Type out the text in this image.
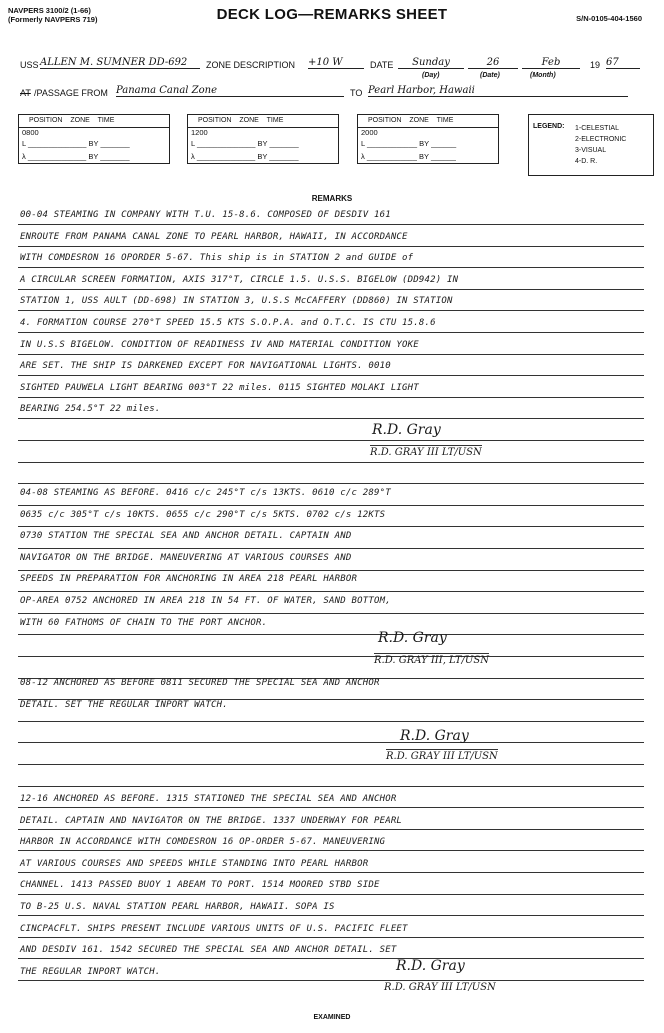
NAVPERS 3100/2 (1-66)
(Formerly NAVPERS 719)	DECK LOG—REMARKS SHEET	S/N-0105-404-1560
USS ALLEN M. SUMNER DD-692	ZONE DESCRIPTION +10 W	DATE	Sunday	26	Feb	19 67
(Day)	(Date)	(Month)
AT /PASSAGE FROM Panama Canal Zone	TO Pearl Harbor, Hawaii
POSITION ZONE TIME
0800
L ______________ BY _______
λ ______________ BY _______
POSITION ZONE TIME
1200
L ______________ BY _______
λ ______________ BY _______
POSITION ZONE TIME
2000
L ____________ BY ______
λ ____________ BY ______
LEGEND: 1-CELESTIAL
2-ELECTRONIC
3-VISUAL
4-D. R.
REMARKS
00-04 STEAMING IN COMPANY WITH T.U. 15-8.6. COMPOSED OF DESDIV 161
ENROUTE FROM PANAMA CANAL ZONE TO PEARL HARBOR, HAWAII, IN ACCORDANCE
WITH COMDESRON 16 OPORDER 5-67. This ship is in STATION 2 and GUIDE of
A CIRCULAR SCREEN FORMATION, AXIS 317°T, CIRCLE 1.5. U.S.S. BIGELOW (DD942) IN
STATION 1, USS AULT (DD-698) IN STATION 3, U.S.S McCAFFERY (DD860) IN STATION
4. FORMATION COURSE 270°T SPEED 15.5 KTS S.O.P.A. and O.T.C. IS CTU 15.8.6
IN U.S.S BIGELOW. CONDITION OF READINESS IV AND MATERIAL CONDITION YOKE
ARE SET. THE SHIP IS DARKENED EXCEPT FOR NAVIGATIONAL LIGHTS. 0010
SIGHTED PAUWELA LIGHT BEARING 003°T 22 miles. 0115 SIGHTED MOLAKI LIGHT
BEARING 254.5°T 22 miles.
R.D. Gray
R.D. GRAY III LT/USN
04-08 STEAMING AS BEFORE. 0416 c/c 245°T c/s 13KTS. 0610 c/c 289°T
0635 c/c 305°T c/s 10KTS. 0655 c/c 290°T c/s 5KTS. 0702 c/s 12KTS
0730 STATION THE SPECIAL SEA AND ANCHOR DETAIL. CAPTAIN AND
NAVIGATOR ON THE BRIDGE. MANEUVERING AT VARIOUS COURSES AND
SPEEDS IN PREPARATION FOR ANCHORING IN AREA 218 PEARL HARBOR
OP-AREA 0752 ANCHORED IN AREA 218 IN 54 FT. OF WATER, SAND BOTTOM,
WITH 60 FATHOMS OF CHAIN TO THE PORT ANCHOR.
R.D. Gray
R.D. GRAY III, LT/USN
08-12 ANCHORED AS BEFORE 0811 SECURED THE SPECIAL SEA AND ANCHOR
DETAIL. SET THE REGULAR INPORT WATCH.
R.D. Gray
R.D. GRAY III LT/USN
12-16 ANCHORED AS BEFORE. 1315 STATIONED THE SPECIAL SEA AND ANCHOR
DETAIL. CAPTAIN AND NAVIGATOR ON THE BRIDGE. 1337 UNDERWAY FOR PEARL
HARBOR IN ACCORDANCE WITH COMDESRON 16 OP-ORDER 5-67. MANEUVERING
AT VARIOUS COURSES AND SPEEDS WHILE STANDING INTO PEARL HARBOR
CHANNEL. 1413 PASSED BUOY 1 ABEAM TO PORT. 1514 MOORED STBD SIDE
TO B-25 U.S. NAVAL STATION PEARL HARBOR, HAWAII. SOPA IS
CINCPACFLT. SHIPS PRESENT INCLUDE VARIOUS UNITS OF U.S. PACIFIC FLEET
AND DESDIV 161. 1542 SECURED THE SPECIAL SEA AND ANCHOR DETAIL. SET
THE REGULAR INPORT WATCH.	R.D. Gray
R.D. GRAY III LT/USN
EXAMINED
